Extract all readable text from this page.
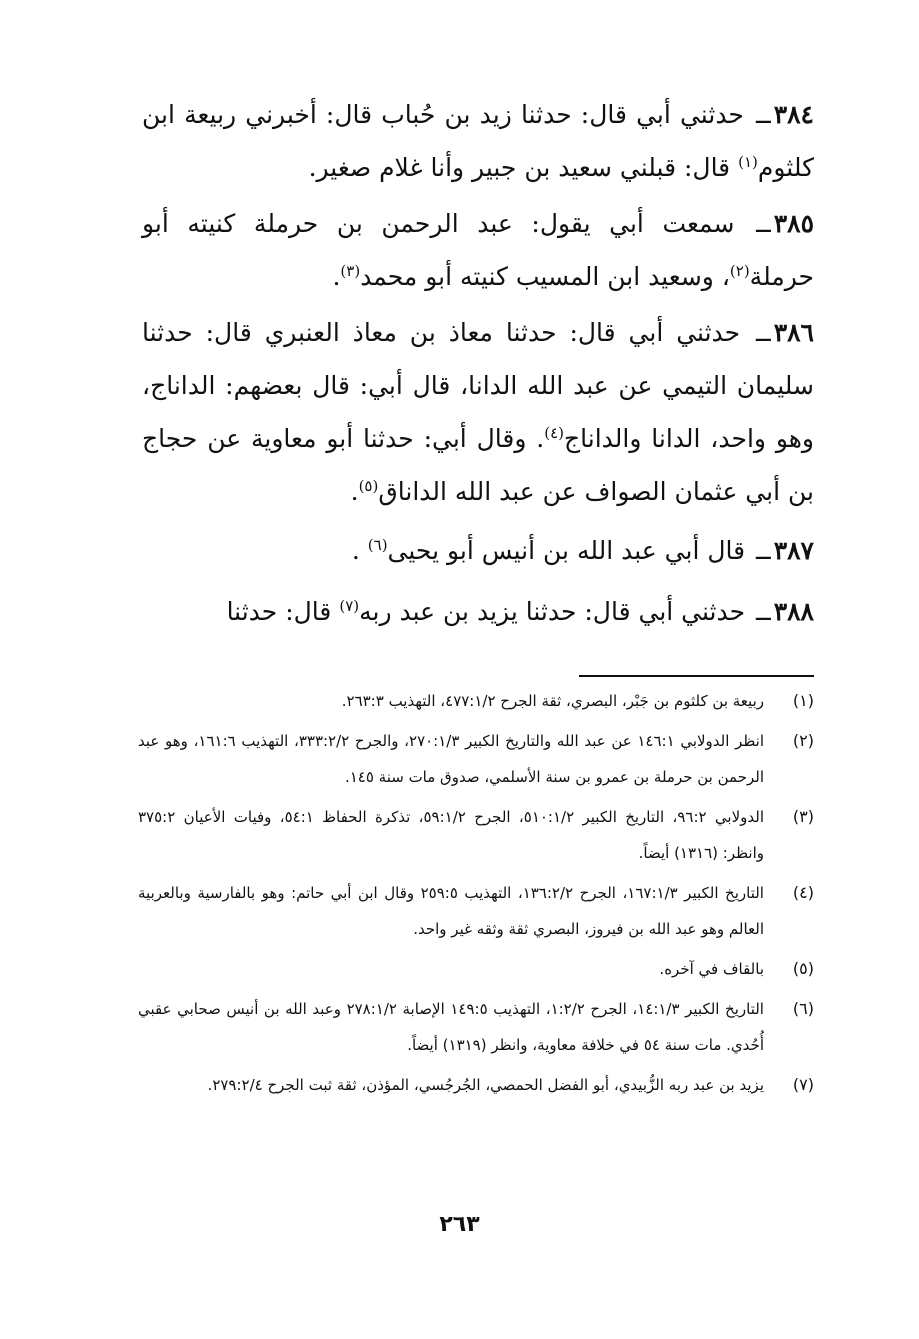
٣٨٤ــ حدثني أبي قال: حدثنا زيد بن حُباب قال: أخبرني ربيعة ابن كلثوم$^{(١)}$ قال: قبلني سعيد بن جبير وأنا غلام صغير.

٣٨٥ــ سمعت أبي يقول: عبد الرحمن بن حرملة كنيته أبو حرملة$^{(٢)}$، وسعيد ابن المسيب كنيته أبو محمد$^{(٣)}$.

٣٨٦ــ حدثني أبي قال: حدثنا معاذ بن معاذ العنبري قال: حدثنا سليمان التيمي عن عبد الله الدانا، قال أبي: قال بعضهم: الداناج، وهو واحد، الدانا والداناج$^{(٤)}$. وقال أبي: حدثنا أبو معاوية عن حجاج بن أبي عثمان الصواف عن عبد الله الداناق$^{(٥)}$.

٣٨٧ــ قال أبي عبد الله بن أنيس أبو يحيى$^{(٦)}$ .

٣٨٨ــ حدثني أبي قال: حدثنا يزيد بن عبد ربه$^{(٧)}$ قال: حدثنا

(١)
ربيعة بن كلثوم بن جَبْر، البصري، ثقة الجرح ٤٧٧:١/٢، التهذيب ٢٦٣:٣.
(٢)
انظر الدولابي ١٤٦:١ عن عبد الله والتاريخ الكبير ٢٧٠:١/٣، والجرح ٣٣٣:٢/٢، التهذيب ١٦١:٦، وهو عبد الرحمن بن حرملة بن عمرو بن سنة الأسلمي، صدوق مات سنة ١٤٥.
(٣)
الدولابي ٩٦:٢، التاريخ الكبير ٥١٠:١/٢، الجرح ٥٩:١/٢، تذكرة الحفاظ ٥٤:١، وفيات الأعيان ٣٧٥:٢ وانظر: (١٣١٦) أيضاً.
(٤)
التاريخ الكبير ١٦٧:١/٣، الجرح ١٣٦:٢/٢، التهذيب ٢٥٩:٥ وقال ابن أبي حاتم: وهو بالفارسية وبالعربية العالم وهو عبد الله بن فيروز، البصري ثقة وثقه غير واحد.
(٥)
بالقاف في آخره.
(٦)
التاريخ الكبير ١٤:١/٣، الجرح ١:٢/٢، التهذيب ١٤٩:٥ الإصابة ٢٧٨:١/٢ وعبد الله بن أنيس صحابي عقبي أُحُدي. مات سنة ٥٤ في خلافة معاوية، وانظر (١٣١٩) أيضاً.
(٧)
يزيد بن عبد ربه الزُّبيدي، أبو الفضل الحمصي، الجُرجُسي، المؤذن، ثقة ثبت الجرح ٢٧٩:٢/٤.
٢٦٣
